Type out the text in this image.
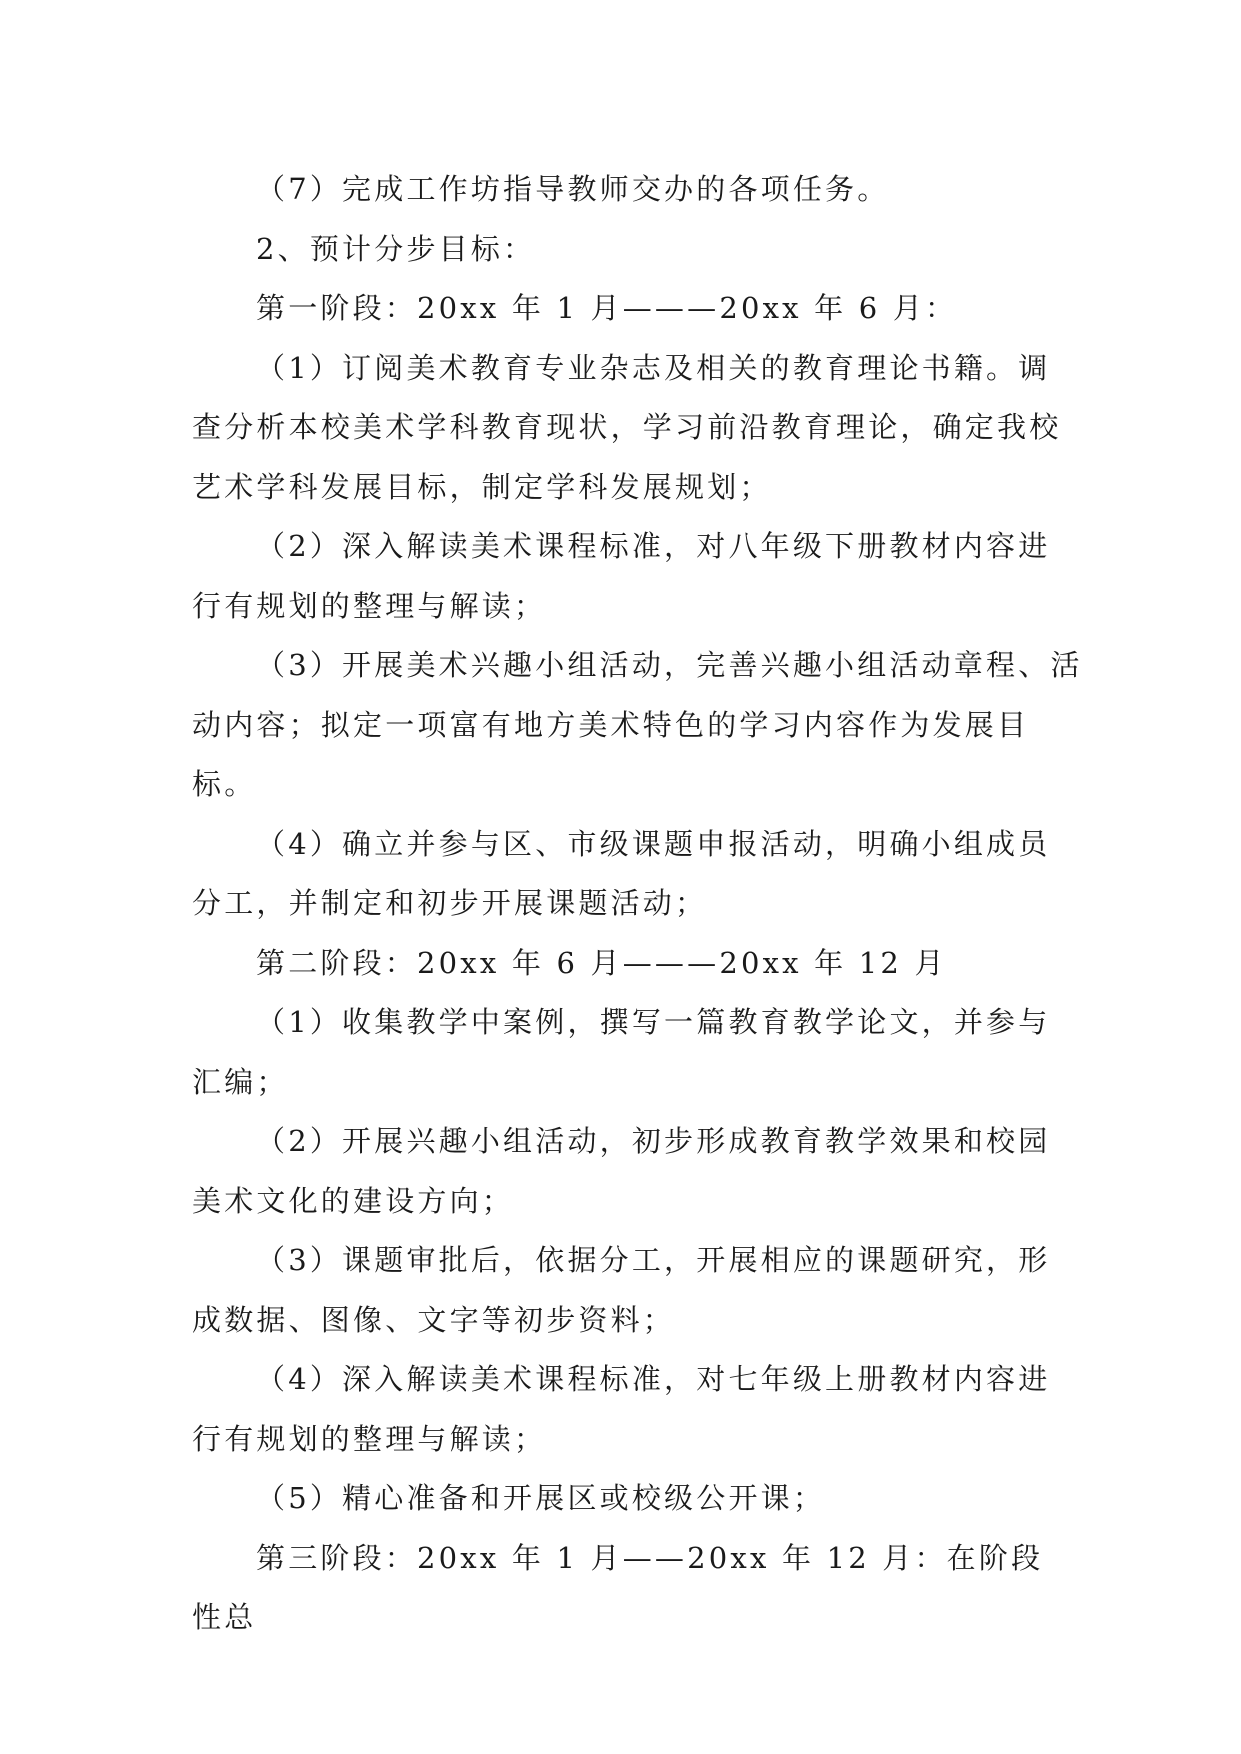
（7）完成工作坊指导教师交办的各项任务。

2、预计分步目标：

第一阶段：20xx 年 1 月———20xx 年 6 月：

（1）订阅美术教育专业杂志及相关的教育理论书籍。调查分析本校美术学科教育现状，学习前沿教育理论，确定我校艺术学科发展目标，制定学科发展规划；

（2）深入解读美术课程标准，对八年级下册教材内容进行有规划的整理与解读；

（3）开展美术兴趣小组活动，完善兴趣小组活动章程、活动内容；拟定一项富有地方美术特色的学习内容作为发展目标。

（4）确立并参与区、市级课题申报活动，明确小组成员分工，并制定和初步开展课题活动；

第二阶段：20xx 年 6 月———20xx 年 12 月

（1）收集教学中案例，撰写一篇教育教学论文，并参与汇编；

（2）开展兴趣小组活动，初步形成教育教学效果和校园美术文化的建设方向；

（3）课题审批后，依据分工，开展相应的课题研究，形成数据、图像、文字等初步资料；

（4）深入解读美术课程标准，对七年级上册教材内容进行有规划的整理与解读；

（5）精心准备和开展区或校级公开课；

第三阶段：20xx 年 1 月——20xx 年 12 月：在阶段性总
